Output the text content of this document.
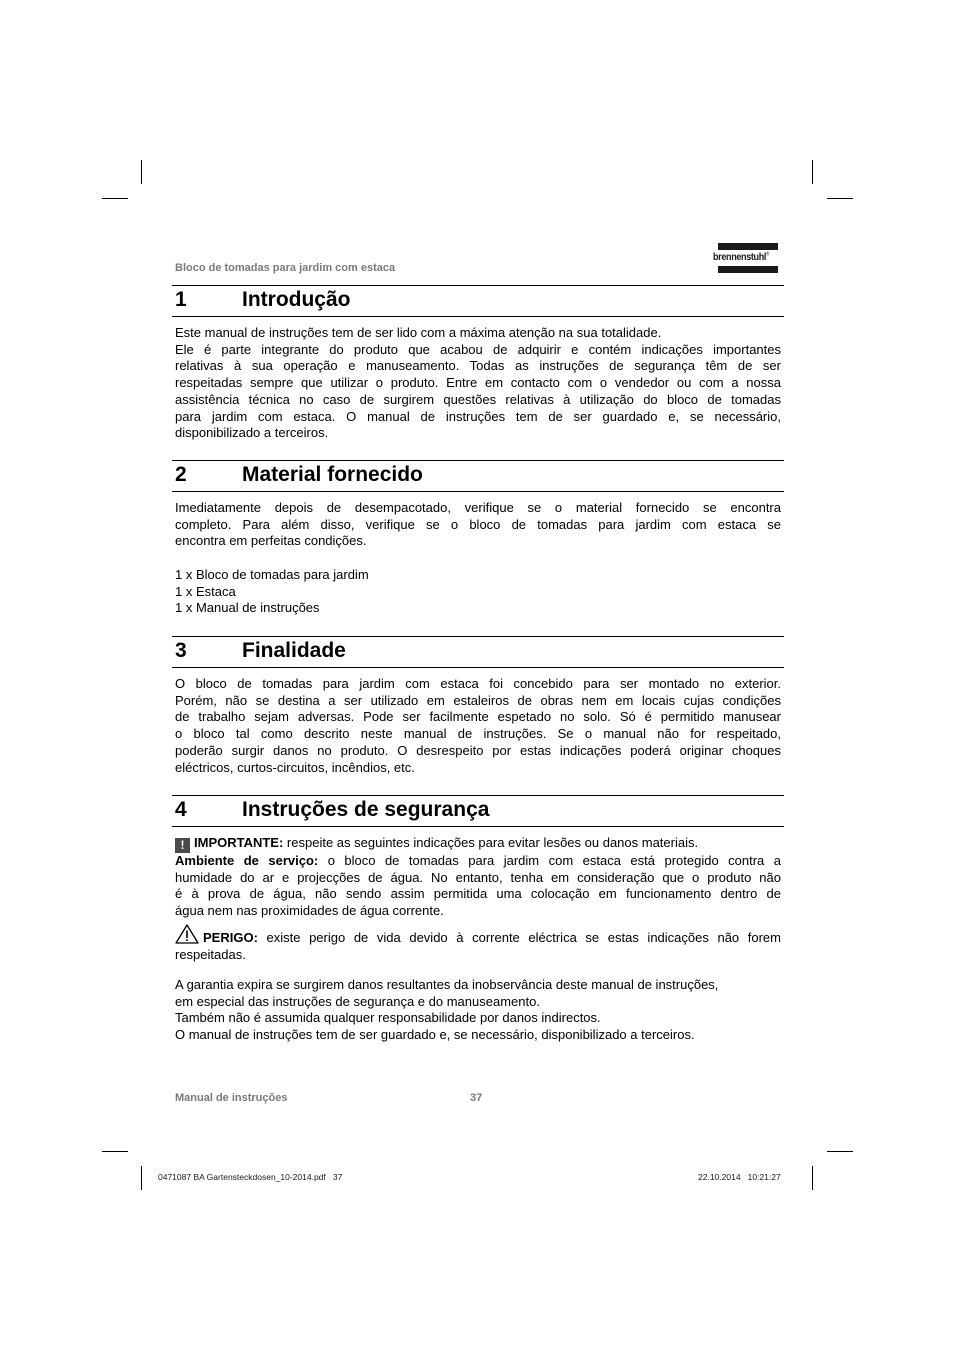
Bloco de tomadas para jardim com estaca
brennenstuhl®
1	Introdução
Este manual de instruções tem de ser lido com a máxima atenção na sua totalidade.
Ele é parte integrante do produto que acabou de adquirir e contém indicações importantes
relativas à sua operação e manuseamento. Todas as instruções de segurança têm de ser
respeitadas sempre que utilizar o produto. Entre em contacto com o vendedor ou com a nossa
assistência técnica no caso de surgirem questões relativas à utilização do bloco de tomadas
para jardim com estaca. O manual de instruções tem de ser guardado e, se necessário,
disponibilizado a terceiros.
2	Material fornecido
Imediatamente depois de desempacotado, verifique se o material fornecido se encontra
completo. Para além disso, verifique se o bloco de tomadas para jardim com estaca se
encontra em perfeitas condições.
1 x Bloco de tomadas para jardim
1 x Estaca
1 x Manual de instruções
3	Finalidade
O bloco de tomadas para jardim com estaca foi concebido para ser montado no exterior.
Porém, não se destina a ser utilizado em estaleiros de obras nem em locais cujas condições
de trabalho sejam adversas. Pode ser facilmente espetado no solo. Só é permitido manusear
o bloco tal como descrito neste manual de instruções. Se o manual não for respeitado,
poderão surgir danos no produto. O desrespeito por estas indicações poderá originar choques
eléctricos, curtos-circuitos, incêndios, etc.
4	Instruções de segurança
! IMPORTANTE: respeite as seguintes indicações para evitar lesões ou danos materiais.
Ambiente de serviço: o bloco de tomadas para jardim com estaca está protegido contra a
humidade do ar e projecções de água. No entanto, tenha em consideração que o produto não
é à prova de água, não sendo assim permitida uma colocação em funcionamento dentro de
água nem nas proximidades de água corrente.
PERIGO: existe perigo de vida devido à corrente eléctrica se estas indicações não forem
respeitadas.
A garantia expira se surgirem danos resultantes da inobservância deste manual de instruções,
em especial das instruções de segurança e do manuseamento.
Também não é assumida qualquer responsabilidade por danos indirectos.
O manual de instruções tem de ser guardado e, se necessário, disponibilizado a terceiros.
Manual de instruções	37
0471087 BA Gartensteckdosen_10-2014.pdf   37	22.10.2014   10:21:27
